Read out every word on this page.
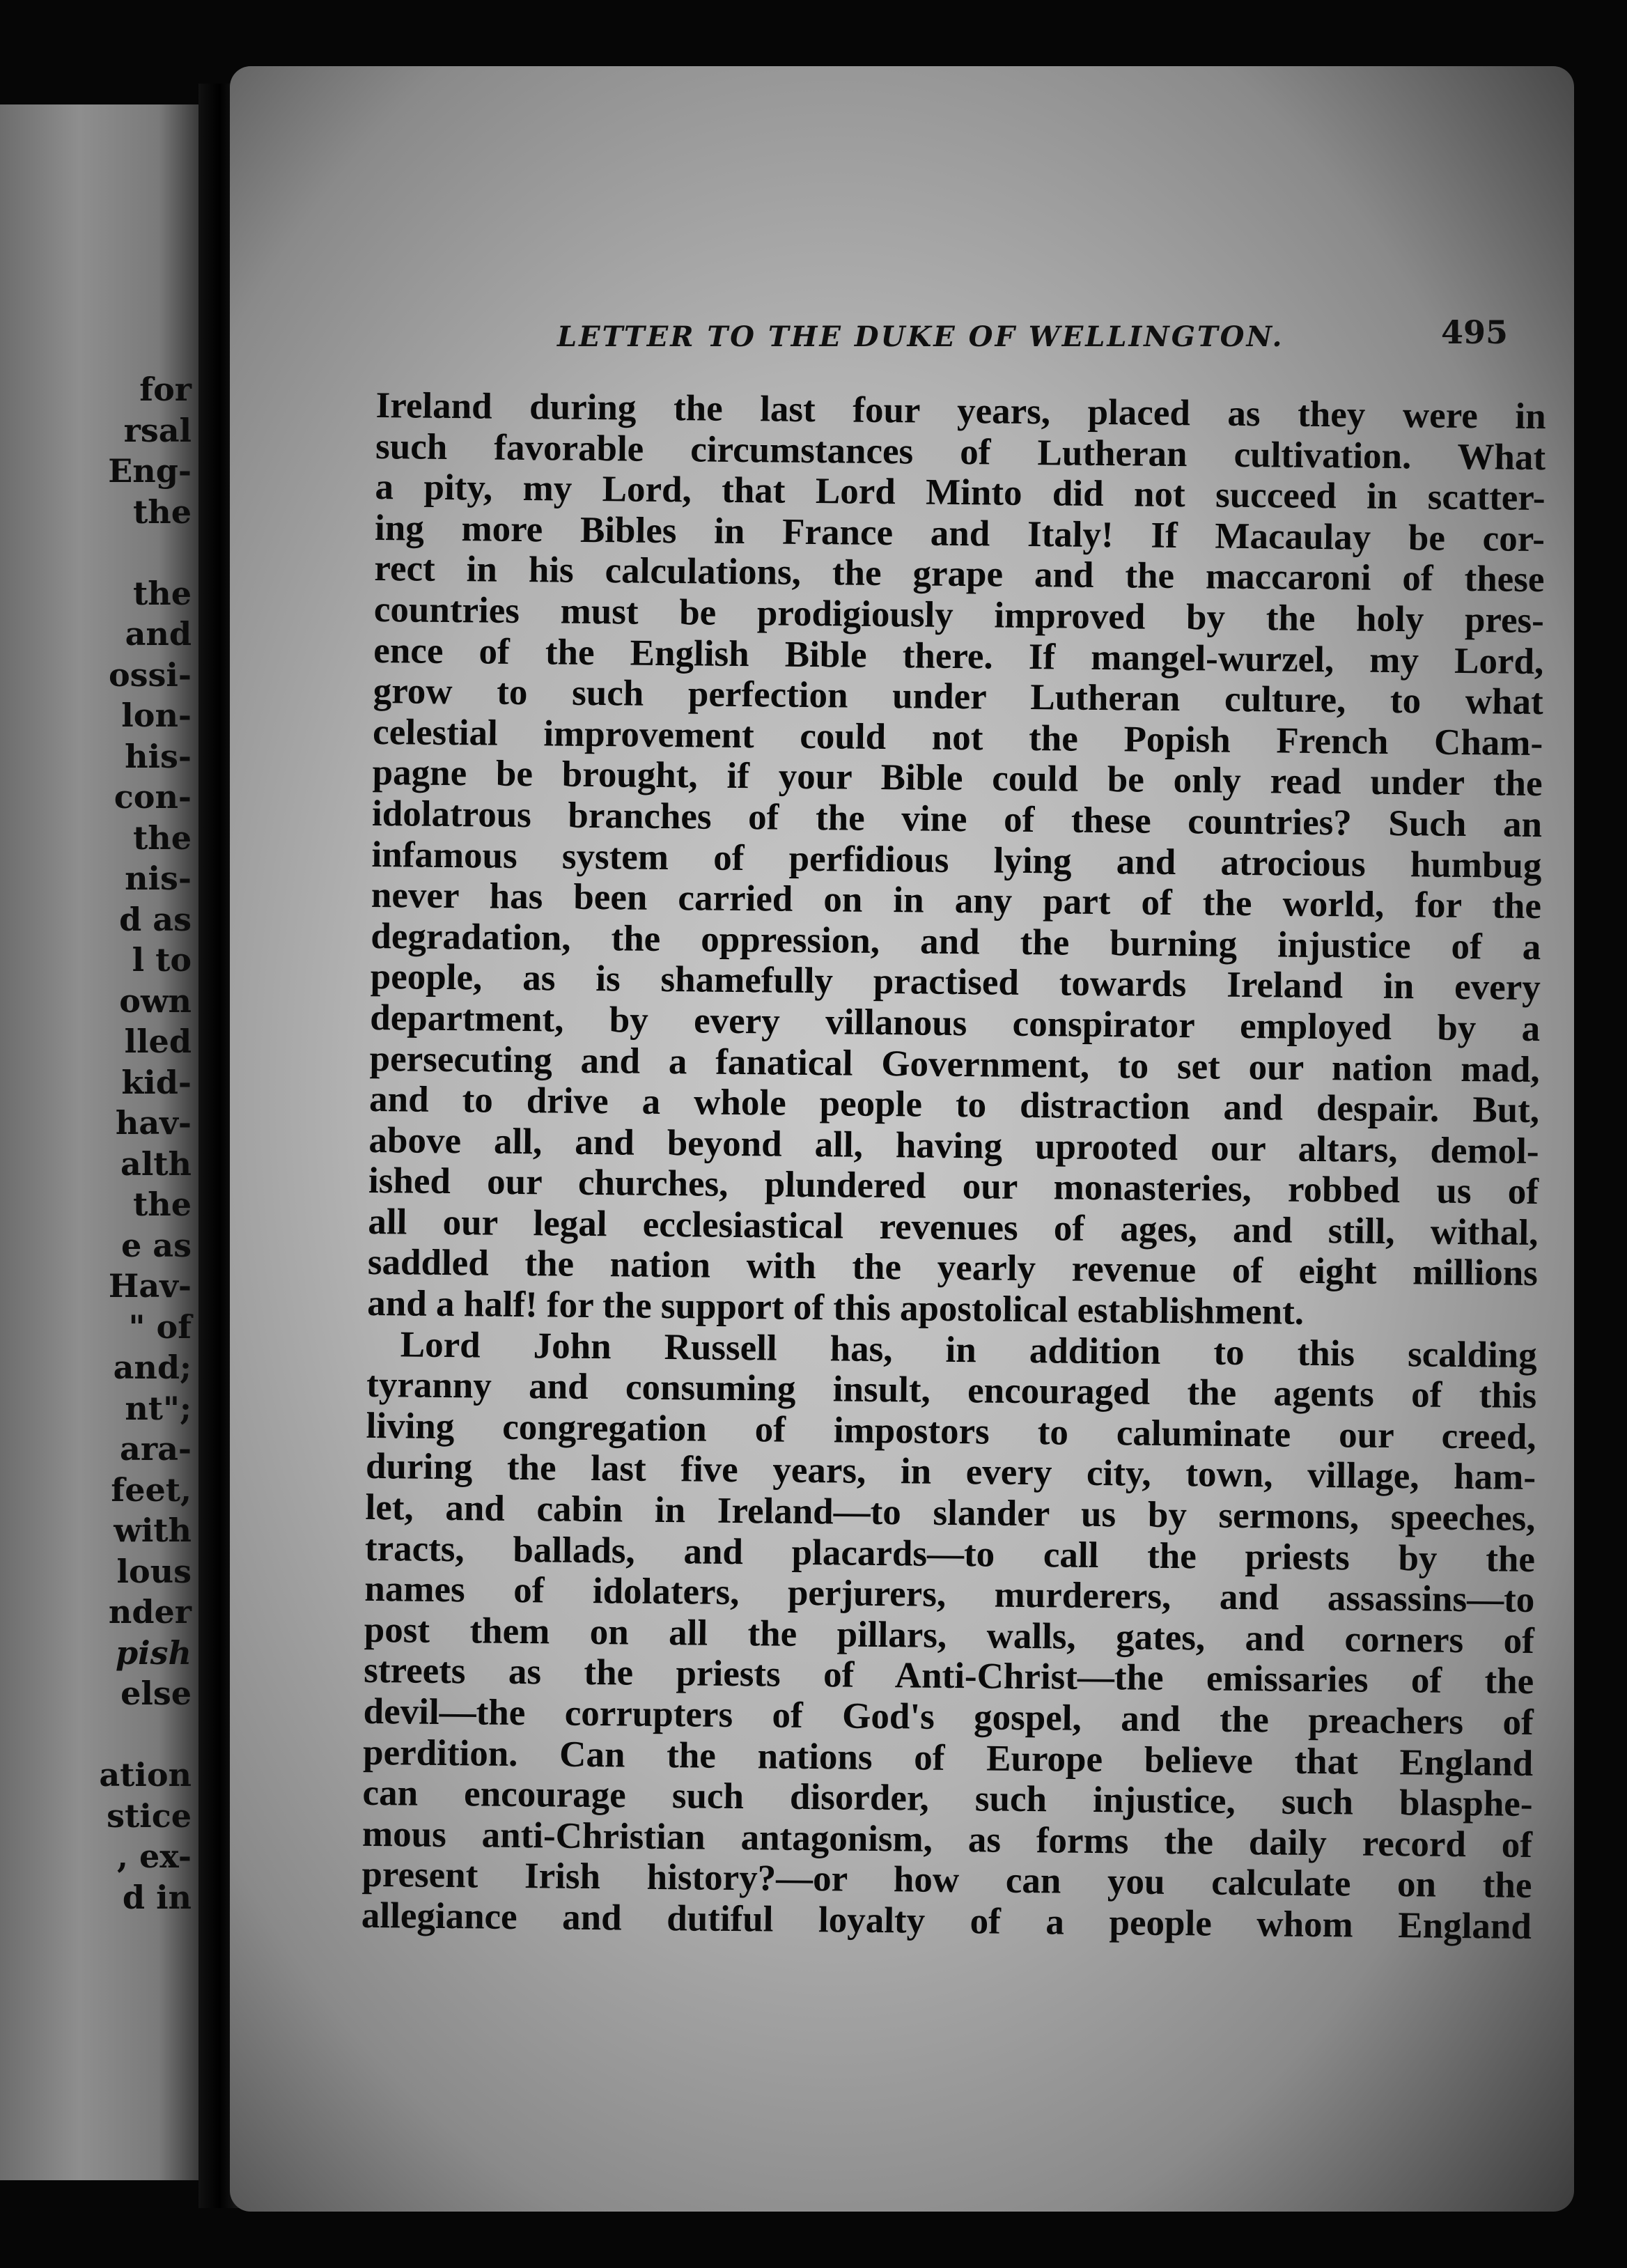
for
rsal
Eng-
the
the
and
ossi-
lon-
his-
con-
the
nis-
d as
l to
own
lled
kid-
hav-
alth
the
e as
Hav-
" of
and;
nt";
ara-
feet,
with
lous
nder
pish
else
ation
stice
, ex-
d in
LETTER TO THE DUKE OF WELLINGTON.	495
Ireland during the last four years, placed as they were in
such favorable circumstances of Lutheran cultivation. What
a pity, my Lord, that Lord Minto did not succeed in scatter-
ing more Bibles in France and Italy! If Macaulay be cor-
rect in his calculations, the grape and the maccaroni of these
countries must be prodigiously improved by the holy pres-
ence of the English Bible there. If mangel-wurzel, my Lord,
grow to such perfection under Lutheran culture, to what
celestial improvement could not the Popish French Cham-
pagne be brought, if your Bible could be only read under the
idolatrous branches of the vine of these countries? Such an
infamous system of perfidious lying and atrocious humbug
never has been carried on in any part of the world, for the
degradation, the oppression, and the burning injustice of a
people, as is shamefully practised towards Ireland in every
department, by every villanous conspirator employed by a
persecuting and a fanatical Government, to set our nation mad,
and to drive a whole people to distraction and despair. But,
above all, and beyond all, having uprooted our altars, demol-
ished our churches, plundered our monasteries, robbed us of
all our legal ecclesiastical revenues of ages, and still, withal,
saddled the nation with the yearly revenue of eight millions
and a half! for the support of this apostolical establishment.
Lord John Russell has, in addition to this scalding
tyranny and consuming insult, encouraged the agents of this
living congregation of impostors to caluminate our creed,
during the last five years, in every city, town, village, ham-
let, and cabin in Ireland—to slander us by sermons, speeches,
tracts, ballads, and placards—to call the priests by the
names of idolaters, perjurers, murderers, and assassins—to
post them on all the pillars, walls, gates, and corners of
streets as the priests of Anti-Christ—the emissaries of the
devil—the corrupters of God's gospel, and the preachers of
perdition. Can the nations of Europe believe that England
can encourage such disorder, such injustice, such blasphe-
mous anti-Christian antagonism, as forms the daily record of
present Irish history?—or how can you calculate on the
allegiance and dutiful loyalty of a people whom England
